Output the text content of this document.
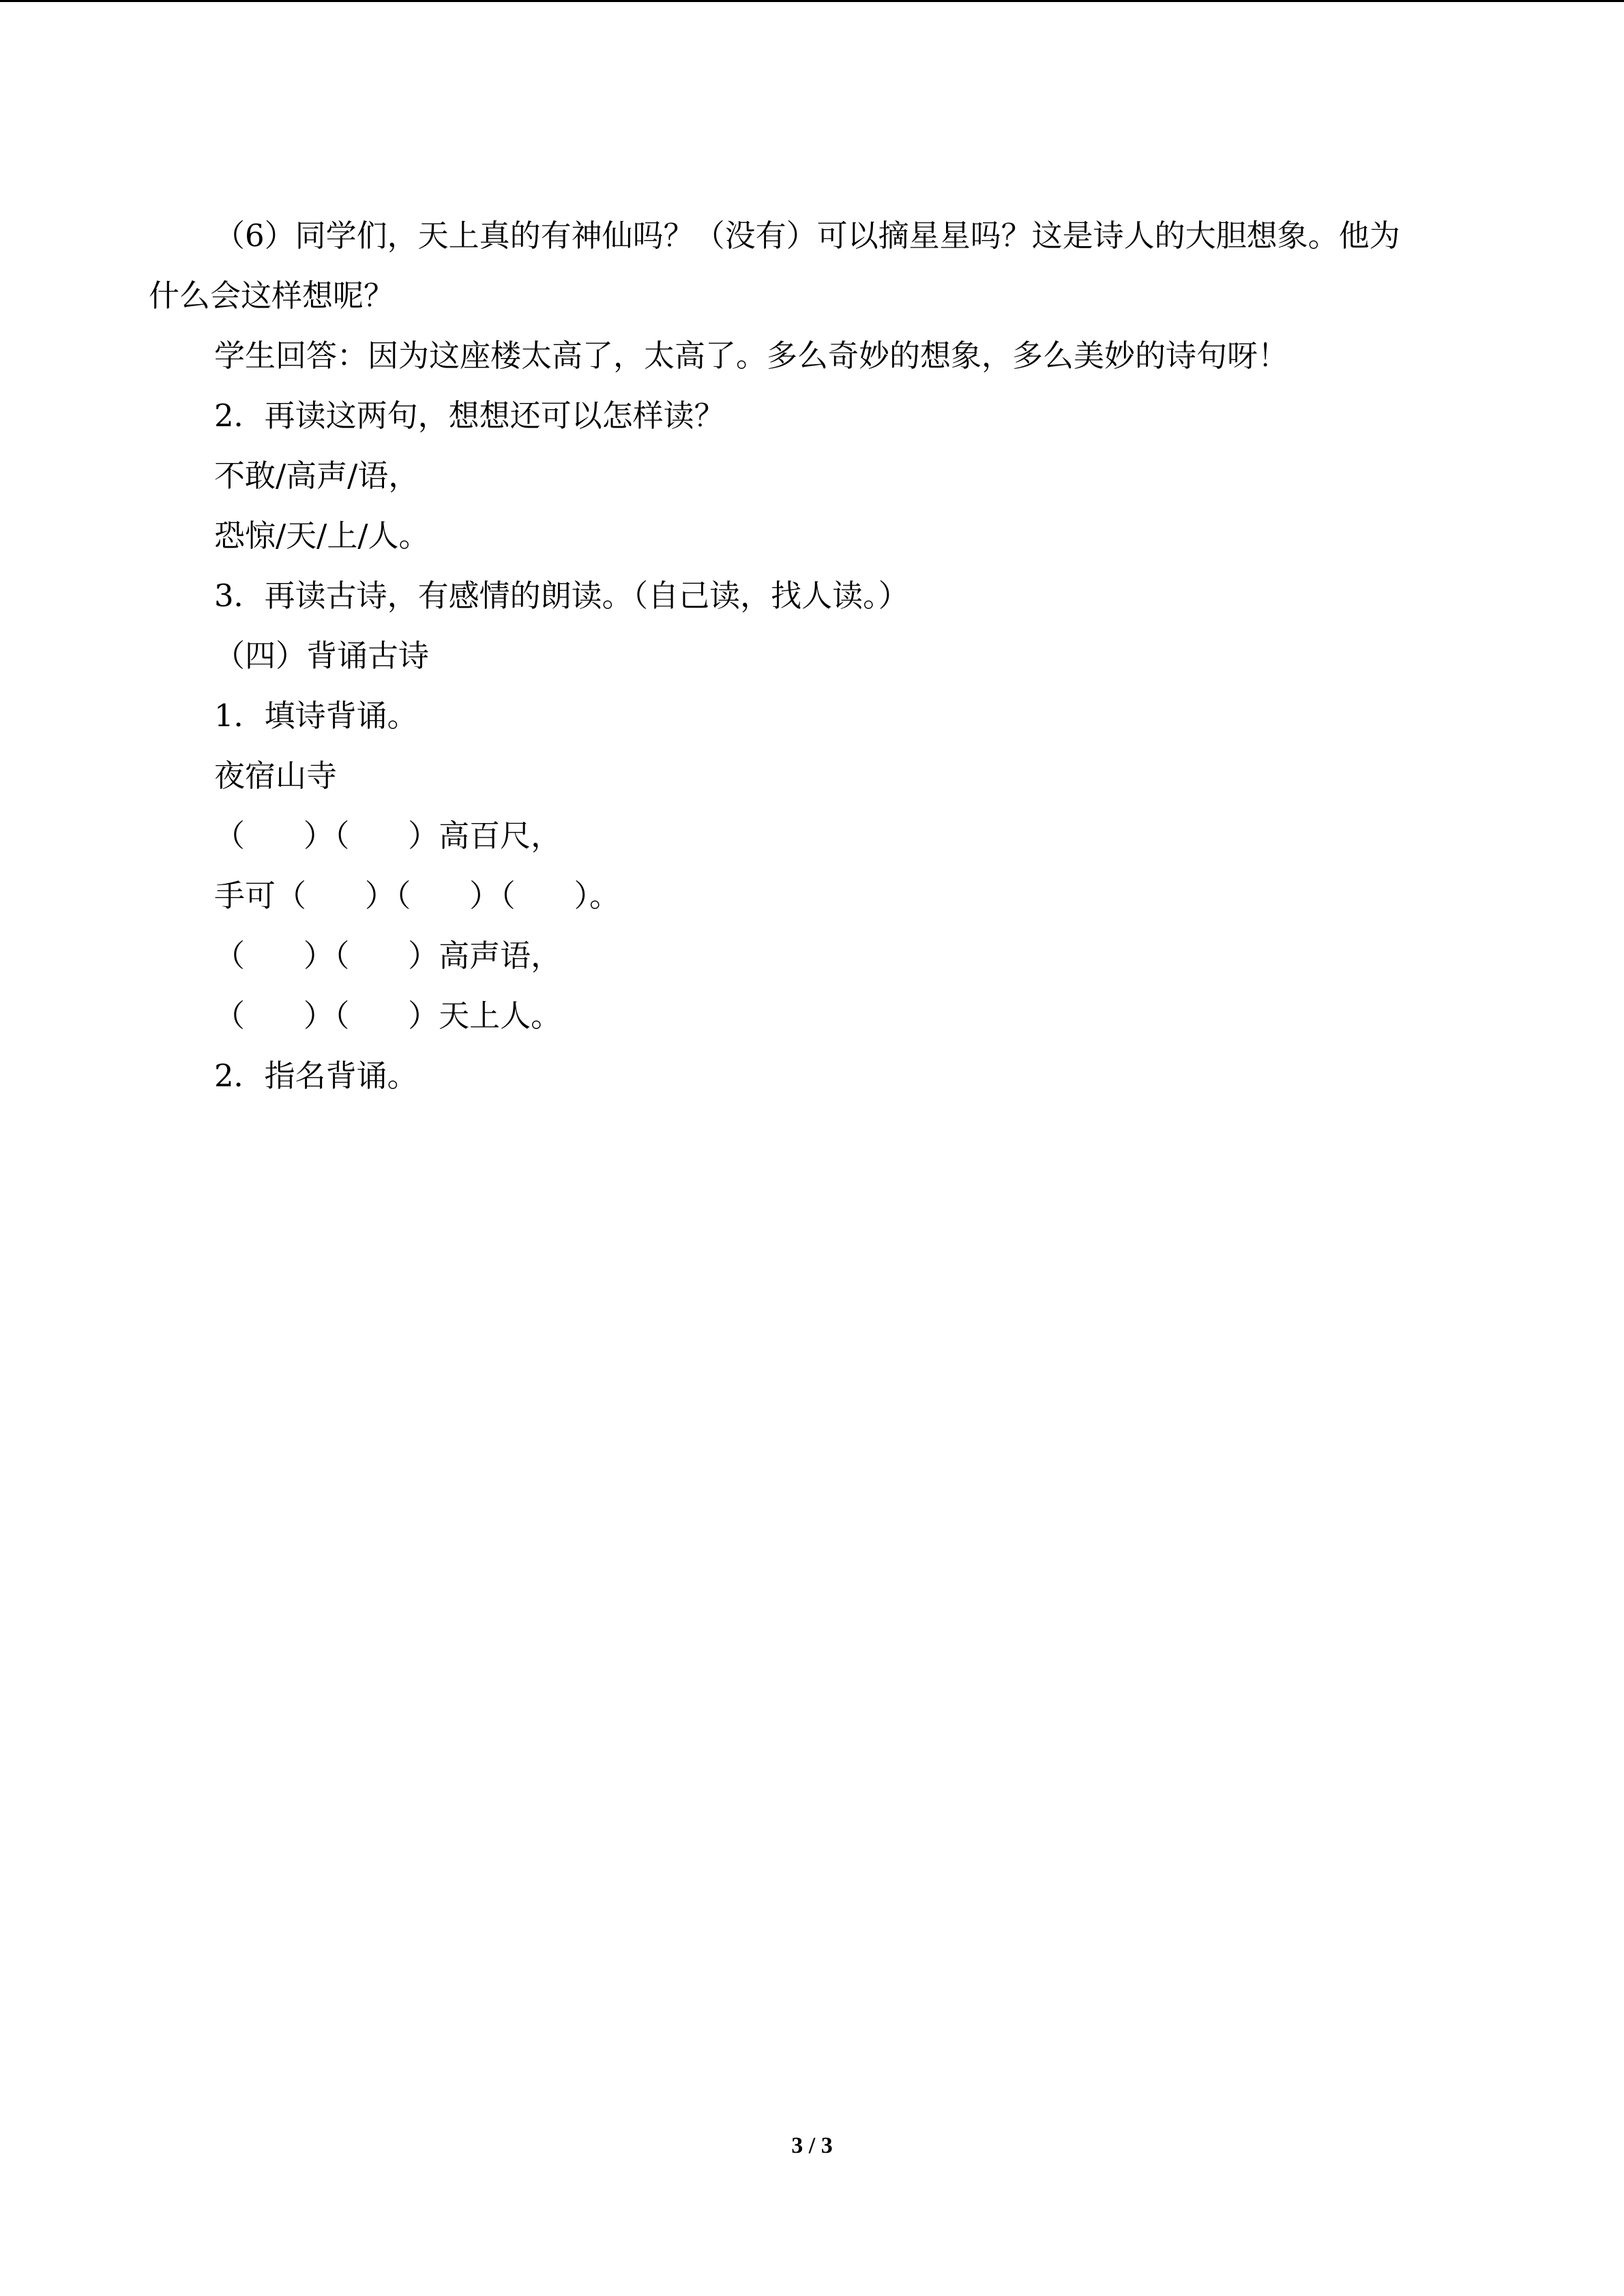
（6）同学们，天上真的有神仙吗？（没有）可以摘星星吗？这是诗人的大胆想象。他为

什么会这样想呢？

学生回答：因为这座楼太高了，太高了。多么奇妙的想象，多么美妙的诗句呀！

2．再读这两句，想想还可以怎样读？

不敢/高声/语，

恐惊/天/上/人。

3．再读古诗，有感情的朗读。（自己读，找人读。）

（四）背诵古诗

1．填诗背诵。

夜宿山寺

（      ）（      ）高百尺，

手可（      ）（      ）（      ）。

（      ）（      ）高声语，

（      ）（      ）天上人。

2．指名背诵。

3 / 3
